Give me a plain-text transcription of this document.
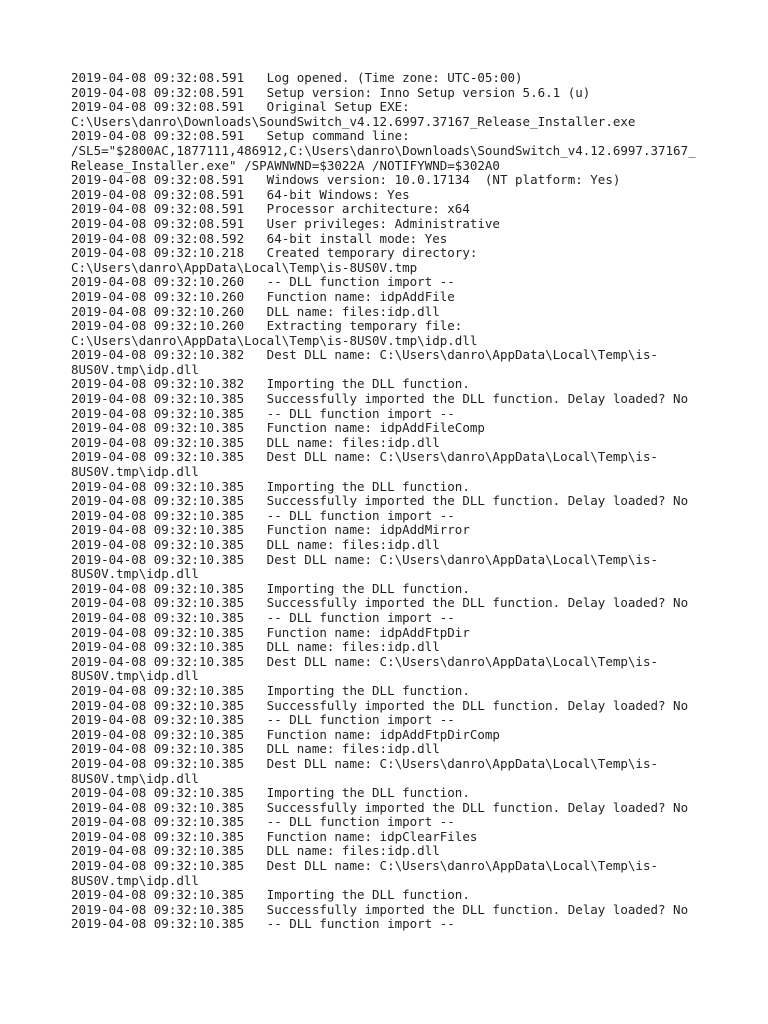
2019-04-08 09:32:08.591   Log opened. (Time zone: UTC-05:00)
2019-04-08 09:32:08.591   Setup version: Inno Setup version 5.6.1 (u)
2019-04-08 09:32:08.591   Original Setup EXE:
C:\Users\danro\Downloads\SoundSwitch_v4.12.6997.37167_Release_Installer.exe
2019-04-08 09:32:08.591   Setup command line:
/SL5="$2800AC,1877111,486912,C:\Users\danro\Downloads\SoundSwitch_v4.12.6997.37167_
Release_Installer.exe" /SPAWNWND=$3022A /NOTIFYWND=$302A0
2019-04-08 09:32:08.591   Windows version: 10.0.17134  (NT platform: Yes)
2019-04-08 09:32:08.591   64-bit Windows: Yes
2019-04-08 09:32:08.591   Processor architecture: x64
2019-04-08 09:32:08.591   User privileges: Administrative
2019-04-08 09:32:08.592   64-bit install mode: Yes
2019-04-08 09:32:10.218   Created temporary directory:
C:\Users\danro\AppData\Local\Temp\is-8US0V.tmp
2019-04-08 09:32:10.260   -- DLL function import --
2019-04-08 09:32:10.260   Function name: idpAddFile
2019-04-08 09:32:10.260   DLL name: files:idp.dll
2019-04-08 09:32:10.260   Extracting temporary file:
C:\Users\danro\AppData\Local\Temp\is-8US0V.tmp\idp.dll
2019-04-08 09:32:10.382   Dest DLL name: C:\Users\danro\AppData\Local\Temp\is-
8US0V.tmp\idp.dll
2019-04-08 09:32:10.382   Importing the DLL function.
2019-04-08 09:32:10.385   Successfully imported the DLL function. Delay loaded? No
2019-04-08 09:32:10.385   -- DLL function import --
2019-04-08 09:32:10.385   Function name: idpAddFileComp
2019-04-08 09:32:10.385   DLL name: files:idp.dll
2019-04-08 09:32:10.385   Dest DLL name: C:\Users\danro\AppData\Local\Temp\is-
8US0V.tmp\idp.dll
2019-04-08 09:32:10.385   Importing the DLL function.
2019-04-08 09:32:10.385   Successfully imported the DLL function. Delay loaded? No
2019-04-08 09:32:10.385   -- DLL function import --
2019-04-08 09:32:10.385   Function name: idpAddMirror
2019-04-08 09:32:10.385   DLL name: files:idp.dll
2019-04-08 09:32:10.385   Dest DLL name: C:\Users\danro\AppData\Local\Temp\is-
8US0V.tmp\idp.dll
2019-04-08 09:32:10.385   Importing the DLL function.
2019-04-08 09:32:10.385   Successfully imported the DLL function. Delay loaded? No
2019-04-08 09:32:10.385   -- DLL function import --
2019-04-08 09:32:10.385   Function name: idpAddFtpDir
2019-04-08 09:32:10.385   DLL name: files:idp.dll
2019-04-08 09:32:10.385   Dest DLL name: C:\Users\danro\AppData\Local\Temp\is-
8US0V.tmp\idp.dll
2019-04-08 09:32:10.385   Importing the DLL function.
2019-04-08 09:32:10.385   Successfully imported the DLL function. Delay loaded? No
2019-04-08 09:32:10.385   -- DLL function import --
2019-04-08 09:32:10.385   Function name: idpAddFtpDirComp
2019-04-08 09:32:10.385   DLL name: files:idp.dll
2019-04-08 09:32:10.385   Dest DLL name: C:\Users\danro\AppData\Local\Temp\is-
8US0V.tmp\idp.dll
2019-04-08 09:32:10.385   Importing the DLL function.
2019-04-08 09:32:10.385   Successfully imported the DLL function. Delay loaded? No
2019-04-08 09:32:10.385   -- DLL function import --
2019-04-08 09:32:10.385   Function name: idpClearFiles
2019-04-08 09:32:10.385   DLL name: files:idp.dll
2019-04-08 09:32:10.385   Dest DLL name: C:\Users\danro\AppData\Local\Temp\is-
8US0V.tmp\idp.dll
2019-04-08 09:32:10.385   Importing the DLL function.
2019-04-08 09:32:10.385   Successfully imported the DLL function. Delay loaded? No
2019-04-08 09:32:10.385   -- DLL function import --
